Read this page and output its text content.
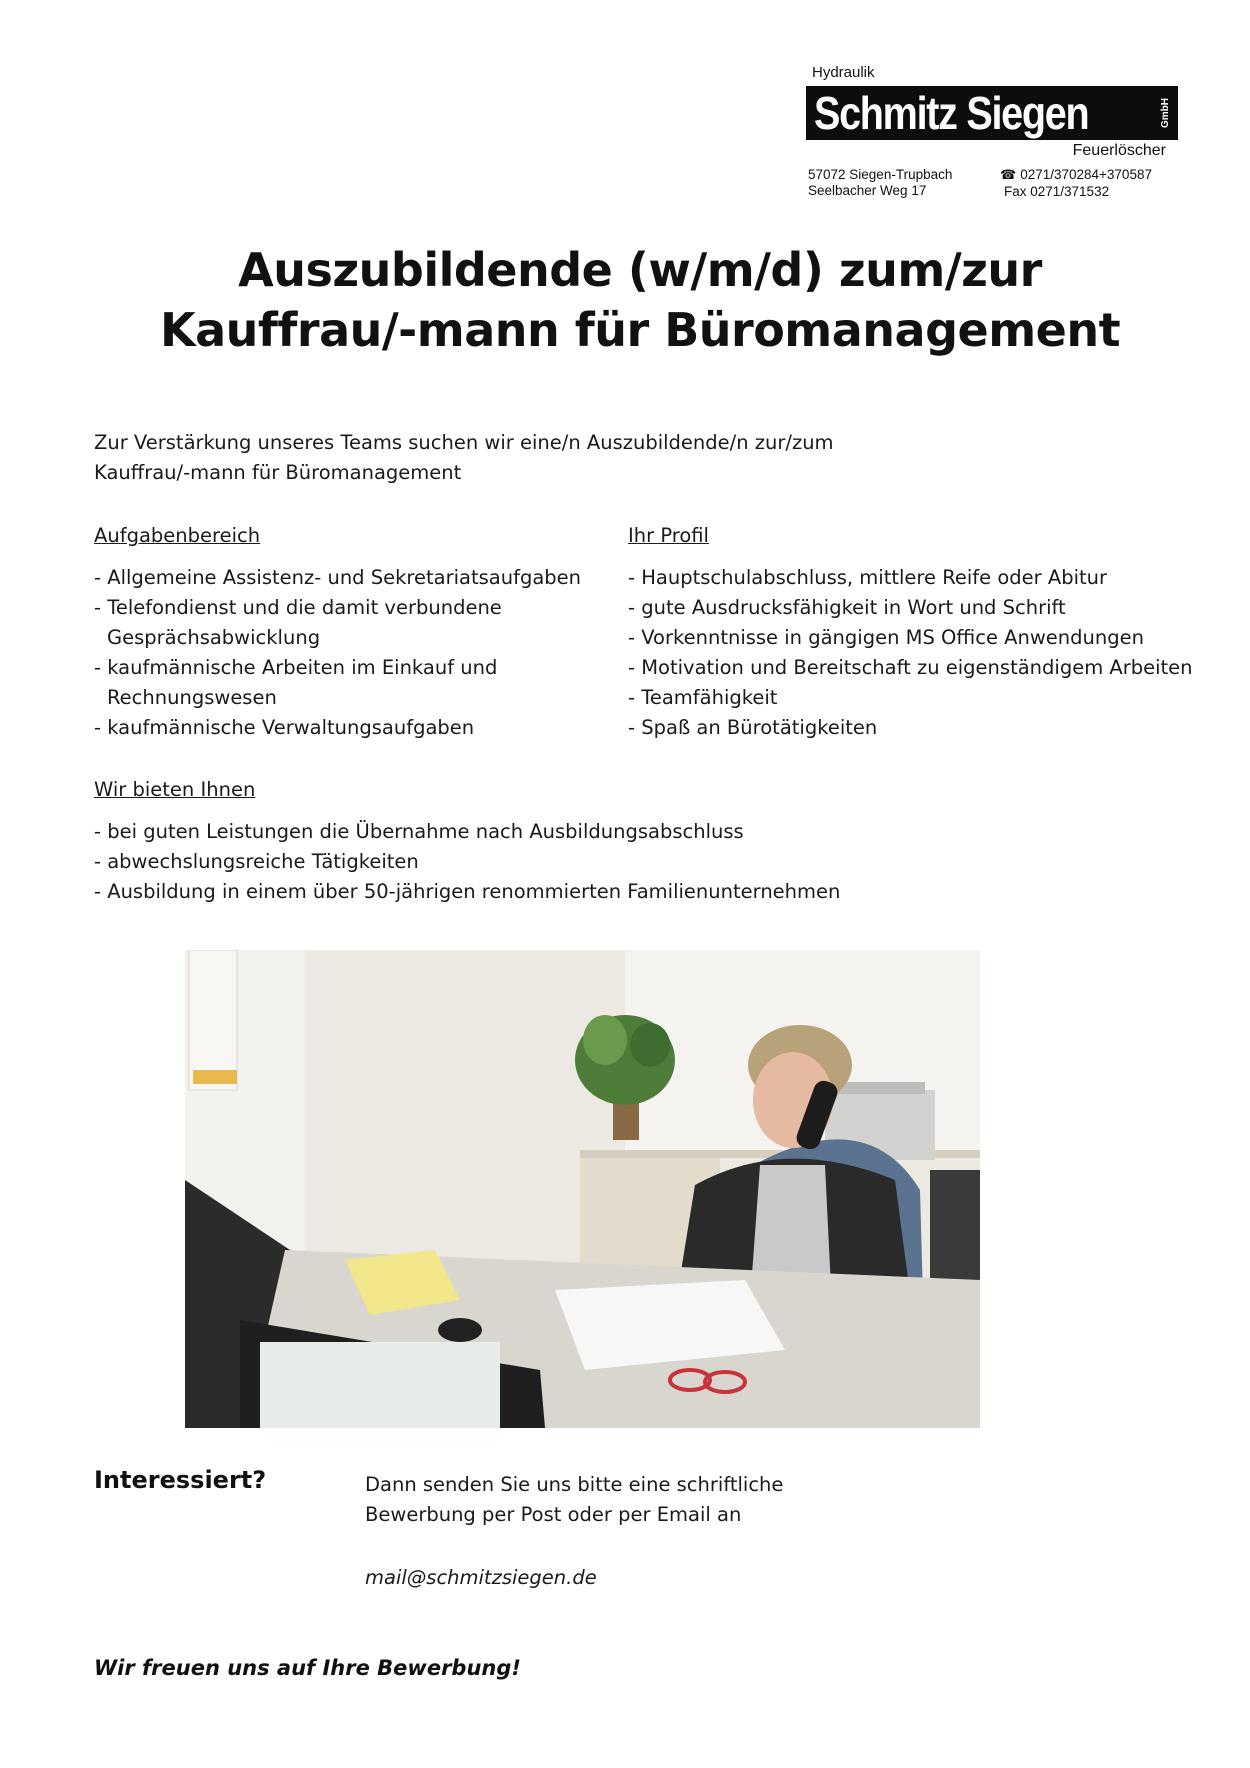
Hydraulik
Schmitz Siegen	GmbH
Feuerlöscher
57072 Siegen-Trupbach
Seelbacher Weg 17
☎ 0271/370284+370587
Fax 0271/371532
Auszubildende (w/m/d) zum/zur
Kauffrau/-mann für Büromanagement
Zur Verstärkung unseres Teams suchen wir eine/n Auszubildende/n zur/zum
Kauffrau/-mann für Büromanagement
Aufgabenbereich
- Allgemeine Assistenz- und Sekretariatsaufgaben
- Telefondienst und die damit verbundene Gesprächsabwicklung
- kaufmännische Arbeiten im Einkauf und Rechnungswesen
- kaufmännische Verwaltungsaufgaben
Ihr Profil
- Hauptschulabschluss, mittlere Reife oder Abitur
- gute Ausdrucksfähigkeit in Wort und Schrift
- Vorkenntnisse in gängigen MS Office Anwendungen
- Motivation und Bereitschaft zu eigenständigem Arbeiten
- Teamfähigkeit
- Spaß an Bürotätigkeiten
Wir bieten Ihnen
- bei guten Leistungen die Übernahme nach Ausbildungsabschluss
- abwechslungsreiche Tätigkeiten
- Ausbildung in einem über 50-jährigen renommierten Familienunternehmen
Interessiert?	Dann senden Sie uns bitte eine schriftliche
Bewerbung per Post oder per Email an
mail@schmitzsiegen.de
Wir freuen uns auf Ihre Bewerbung!
